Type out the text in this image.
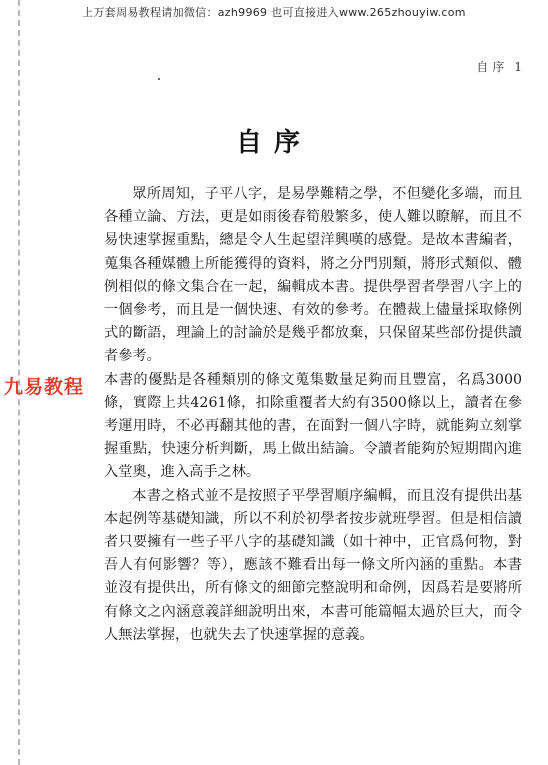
上万套周易教程请加微信：azh9969 也可直接进入www.265zhouyiw.com
自序 1
自序

眾所周知，子平八字，是易學難精之學，不但變化多端，而且各種立論、方法，更是如雨後春筍般繁多，使人難以瞭解，而且不易快速掌握重點，總是令人生起望洋興嘆的感覺。是故本書編者，蒐集各種媒體上所能獲得的資料，將之分門別類，將形式類似、體例相似的條文集合在一起，編輯成本書。提供學習者學習八字上的一個參考，而且是一個快速、有效的參考。在體裁上儘量採取條例式的斷語，理論上的討論於是幾乎都放棄，只保留某些部份提供讀者參考。

本書的優點是各種類別的條文蒐集數量足夠而且豐富，名爲3000條，實際上共4261條，扣除重覆者大約有3500條以上，讀者在參考運用時，不必再翻其他的書，在面對一個八字時，就能夠立刻掌握重點，快速分析判斷，馬上做出結論。令讀者能夠於短期間內進入堂奧，進入高手之林。

本書之格式並不是按照子平學習順序編輯，而且沒有提供出基本起例等基礎知識，所以不利於初學者按步就班學習。但是相信讀者只要擁有一些子平八字的基礎知識（如十神中，正官爲何物，對吾人有何影響？等），應該不難看出每一條文所內涵的重點。本書並沒有提供出，所有條文的細節完整說明和命例，因爲若是要將所有條文之內涵意義詳細說明出來，本書可能篇幅太過於巨大，而令人無法掌握，也就失去了快速掌握的意義。

九易教程
